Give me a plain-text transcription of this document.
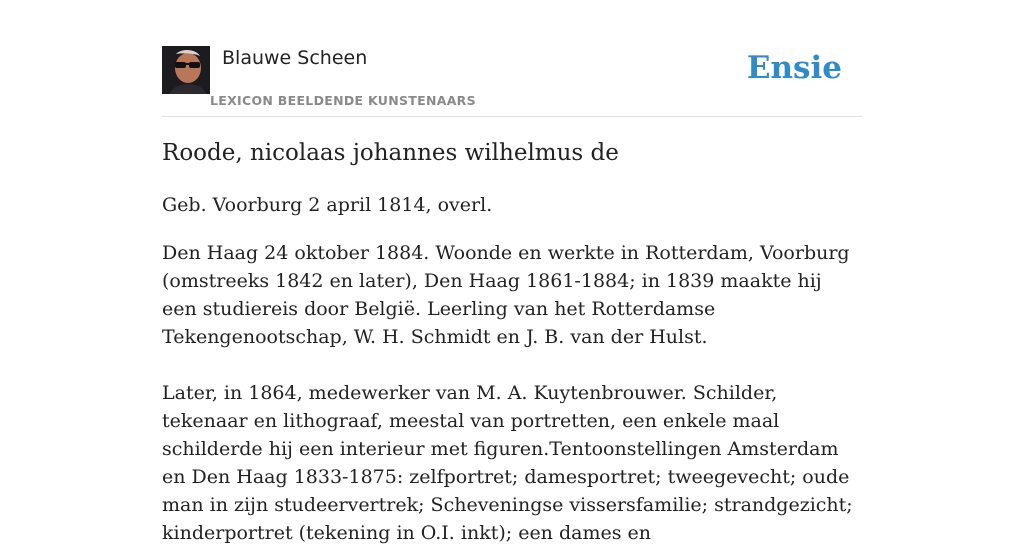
Blauwe Scheen
LEXICON BEELDENDE KUNSTENAARS
Ensie
Roode, nicolaas johannes wilhelmus de
Geb. Voorburg 2 april 1814, overl.

Den Haag 24 oktober 1884. Woonde en werkte in Rotterdam, Voorburg (omstreeks 1842 en later), Den Haag 1861-1884; in 1839 maakte hij een studiereis door België. Leerling van het Rotterdamse Tekengenootschap, W. H. Schmidt en J. B. van der Hulst.

Later, in 1864, medewerker van M. A. Kuytenbrouwer. Schilder, tekenaar en lithograaf, meestal van portretten, een enkele maal schilderde hij een interieur met figuren.Tentoonstellingen Amsterdam en Den Haag 1833-1875: zelfportret; damesportret; tweegevecht; oude man in zijn studeervertrek; Scheveningse vissersfamilie; strandgezicht; kinderportret (tekening in O.I. inkt); een dames en
